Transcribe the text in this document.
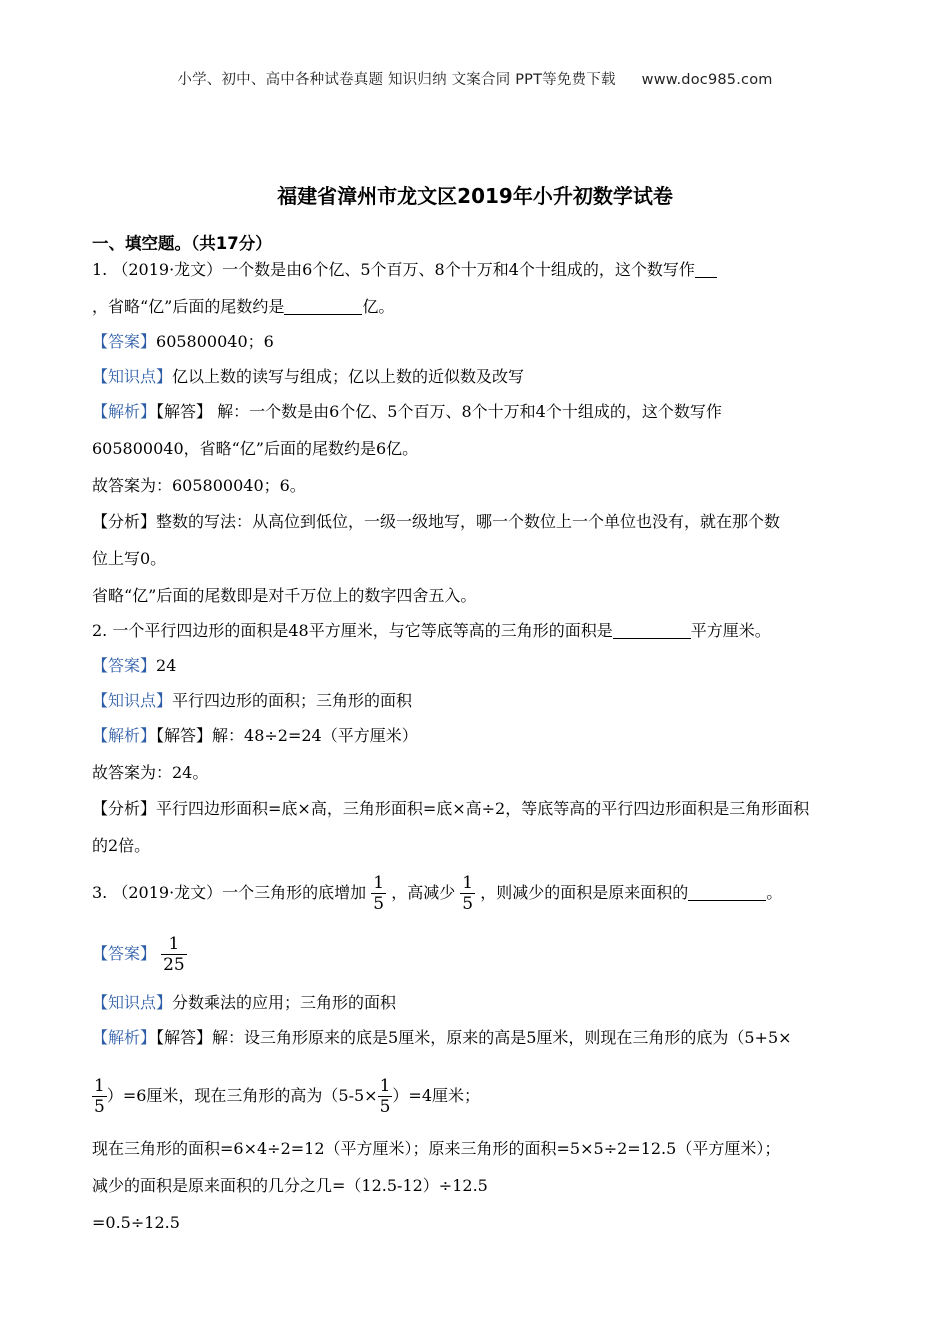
小学、初中、高中各种试卷真题 知识归纳 文案合同 PPT等免费下载 www.doc985.com
福建省漳州市龙文区2019年小升初数学试卷
一、填空题。（共17分）
1. （2019·龙文）一个数是由6个亿、5个百万、8个十万和4个十组成的，这个数写作
，省略“亿”后面的尾数约是	亿。
【答案】605800040；6
【知识点】亿以上数的读写与组成；亿以上数的近似数及改写
【解析】【解答】 解：一个数是由6个亿、5个百万、8个十万和4个十组成的，这个数写作
605800040，省略“亿”后面的尾数约是6亿。
故答案为：605800040；6。
【分析】整数的写法：从高位到低位，一级一级地写，哪一个数位上一个单位也没有，就在那个数
位上写0。
省略“亿”后面的尾数即是对千万位上的数字四舍五入。
2. 一个平行四边形的面积是48平方厘米，与它等底等高的三角形的面积是	平方厘米。
【答案】24
【知识点】平行四边形的面积；三角形的面积
【解析】【解答】解：48÷2=24（平方厘米）
故答案为：24。
【分析】平行四边形面积=底×高，三角形面积=底×高÷2，等底等高的平行四边形面积是三角形面积
的2倍。
3. （2019·龙文）一个三角形的底增加 $\frac{1}{5}$ ，高减少 $\frac{1}{5}$ ，则减少的面积是原来面积的	。
【答案】 $\frac{1}{25}$
【知识点】分数乘法的应用；三角形的面积
【解析】【解答】解：设三角形原来的底是5厘米，原来的高是5厘米，则现在三角形的底为（5+5×
$\frac{1}{5} )=6$厘米，现在三角形的高为$(5-5\times \frac{1}{5} )=4$厘米；
现在三角形的面积=6×4÷2=12（平方厘米）；原来三角形的面积=5×5÷2=12.5（平方厘米）；
减少的面积是原来面积的几分之几=（12.5-12）÷12.5
=0.5÷12.5
